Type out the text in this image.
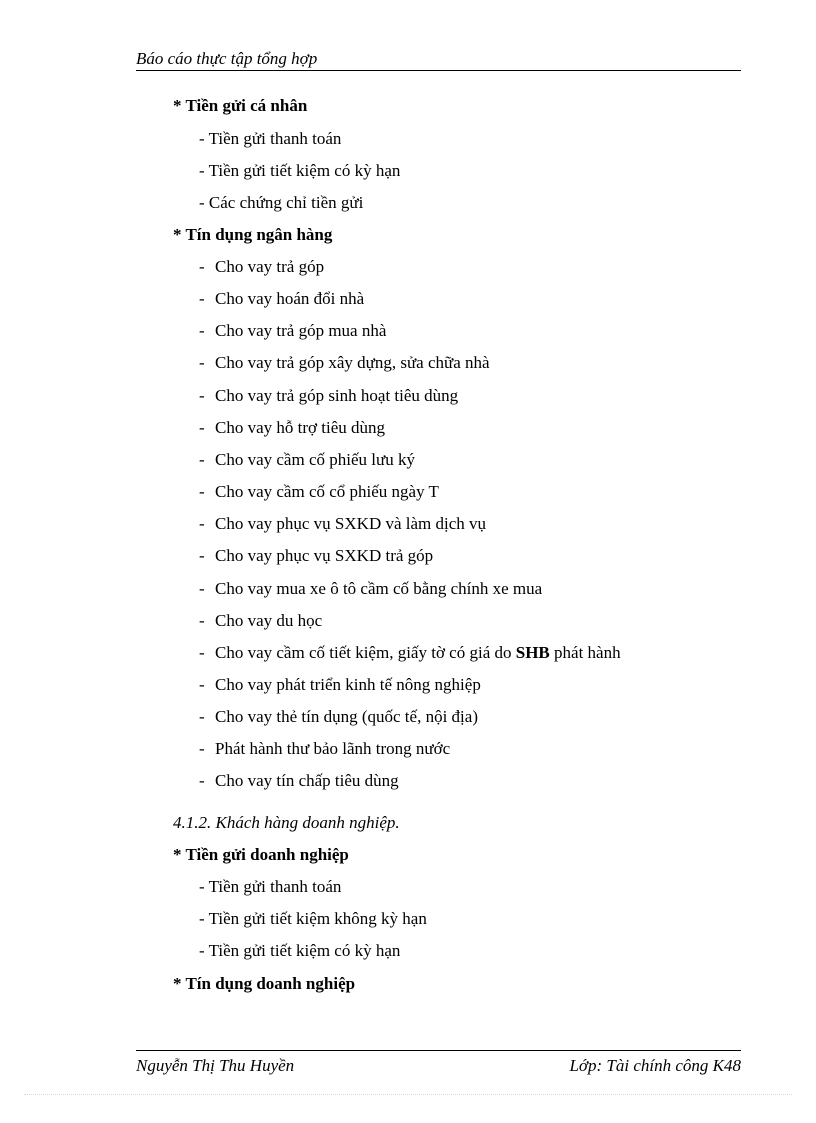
Báo cáo thực tập tổng hợp
* Tiền gửi cá nhân
- Tiền gửi thanh toán
- Tiền gửi tiết kiệm có kỳ hạn
- Các chứng chỉ tiền gửi
* Tín dụng ngân hàng
- Cho vay trả góp
- Cho vay hoán đổi nhà
- Cho vay trả góp mua nhà
- Cho vay trả góp xây dựng, sửa chữa nhà
- Cho vay trả góp sinh hoạt tiêu dùng
- Cho vay hỗ trợ tiêu dùng
- Cho vay cầm cố phiếu lưu ký
- Cho vay cầm cố cổ phiếu ngày T
- Cho vay phục vụ SXKD và làm dịch vụ
- Cho vay phục vụ SXKD trả góp
- Cho vay mua xe ô tô cầm cố bằng chính xe mua
- Cho vay du học
- Cho vay cầm cố tiết kiệm, giấy tờ có giá do SHB phát hành
- Cho vay phát triển kinh tế nông nghiệp
- Cho vay thẻ tín dụng (quốc tế, nội địa)
- Phát hành thư bảo lãnh trong nước
- Cho vay tín chấp tiêu dùng
4.1.2. Khách hàng doanh nghiệp.
* Tiền gửi doanh nghiệp
- Tiền gửi thanh toán
- Tiền gửi tiết kiệm không kỳ hạn
- Tiền gửi tiết kiệm có kỳ hạn
* Tín dụng doanh nghiệp
Nguyễn Thị Thu Huyền	Lớp: Tài chính công K48
